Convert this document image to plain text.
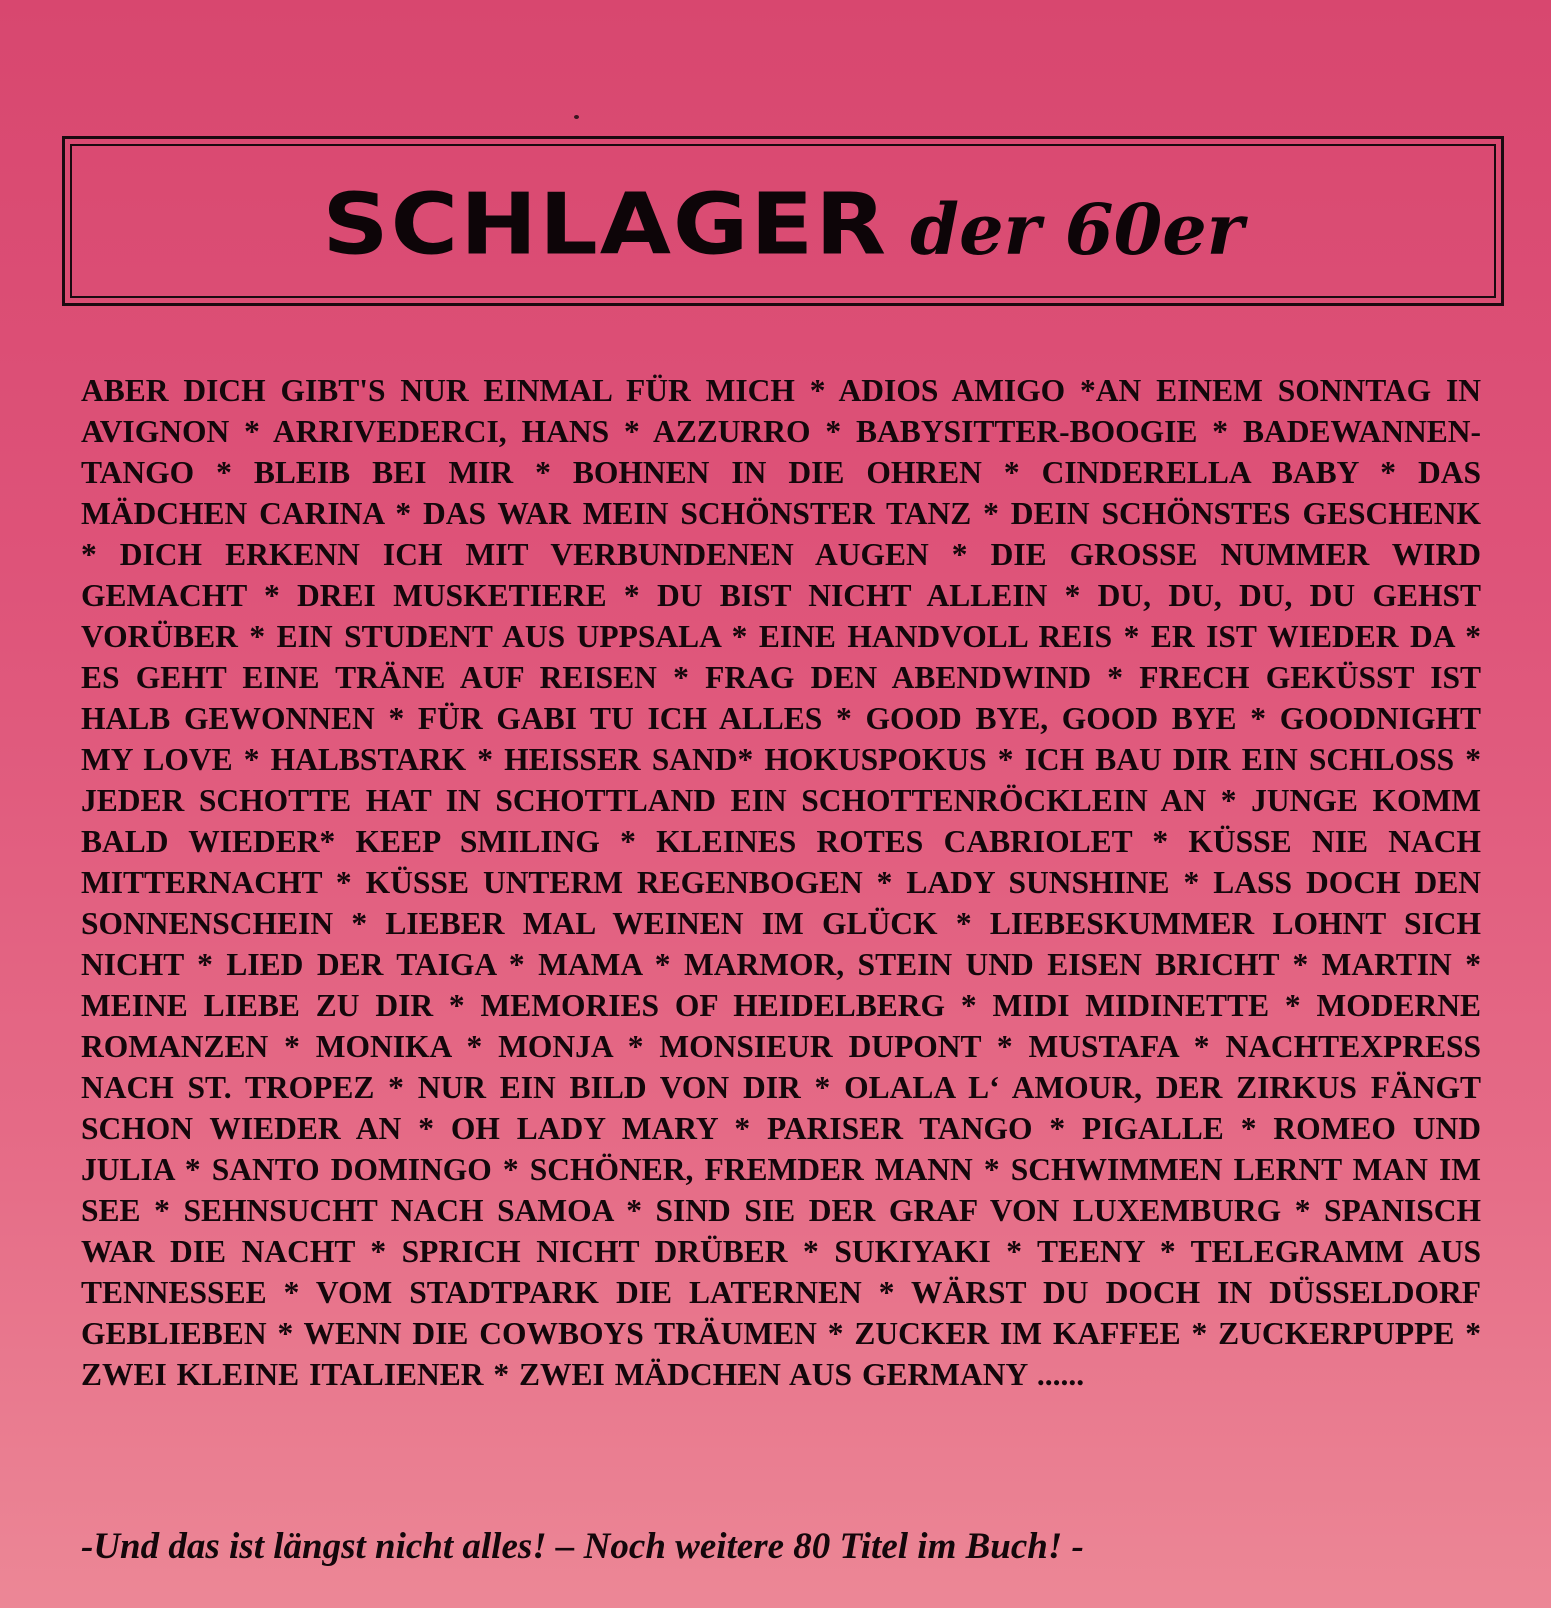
SCHLAGER der 60er

ABER DICH GIBT'S NUR EINMAL FÜR MICH * ADIOS AMIGO *AN EINEM SONNTAG IN AVIGNON * ARRIVEDERCI, HANS * AZZURRO * BABYSITTER-BOOGIE * BADEWANNEN-TANGO * BLEIB BEI MIR * BOHNEN IN DIE OHREN * CINDERELLA BABY * DAS MÄDCHEN CARINA * DAS WAR MEIN SCHÖNSTER TANZ * DEIN SCHÖNSTES GESCHENK * DICH ERKENN ICH MIT VERBUNDENEN AUGEN * DIE GROSSE NUMMER WIRD GEMACHT * DREI MUSKETIERE * DU BIST NICHT ALLEIN * DU, DU, DU, DU GEHST VORÜBER * EIN STUDENT AUS UPPSALA * EINE HANDVOLL REIS * ER IST WIEDER DA * ES GEHT EINE TRÄNE AUF REISEN * FRAG DEN ABENDWIND * FRECH GEKÜSST IST HALB GEWONNEN * FÜR GABI TU ICH ALLES * GOOD BYE, GOOD BYE * GOODNIGHT MY LOVE * HALBSTARK * HEISSER SAND* HOKUSPOKUS * ICH BAU DIR EIN SCHLOSS * JEDER SCHOTTE HAT IN SCHOTTLAND EIN SCHOTTENRÖCKLEIN AN * JUNGE KOMM BALD WIEDER* KEEP SMILING * KLEINES ROTES CABRIOLET * KÜSSE NIE NACH MITTERNACHT * KÜSSE UNTERM REGENBOGEN * LADY SUNSHINE * LASS DOCH DEN SONNENSCHEIN * LIEBER MAL WEINEN IM GLÜCK * LIEBESKUMMER LOHNT SICH NICHT * LIED DER TAIGA * MAMA * MARMOR, STEIN UND EISEN BRICHT * MARTIN * MEINE LIEBE ZU DIR * MEMORIES OF HEIDELBERG * MIDI MIDINETTE * MODERNE ROMANZEN * MONIKA * MONJA * MONSIEUR DUPONT * MUSTAFA * NACHTEXPRESS NACH ST. TROPEZ * NUR EIN BILD VON DIR * OLALA L‘ AMOUR, DER ZIRKUS FÄNGT SCHON WIEDER AN * OH LADY MARY * PARISER TANGO * PIGALLE * ROMEO UND JULIA * SANTO DOMINGO * SCHÖNER, FREMDER MANN * SCHWIMMEN LERNT MAN IM SEE * SEHNSUCHT NACH SAMOA * SIND SIE DER GRAF VON LUXEMBURG * SPANISCH WAR DIE NACHT * SPRICH NICHT DRÜBER * SUKIYAKI * TEENY * TELEGRAMM AUS TENNESSEE * VOM STADTPARK DIE LATERNEN * WÄRST DU DOCH IN DÜSSELDORF GEBLIEBEN * WENN DIE COWBOYS TRÄUMEN * ZUCKER IM KAFFEE * ZUCKERPUPPE * ZWEI KLEINE ITALIENER * ZWEI MÄDCHEN AUS GERMANY ......

-Und das ist längst nicht alles! – Noch weitere 80 Titel im Buch! -
